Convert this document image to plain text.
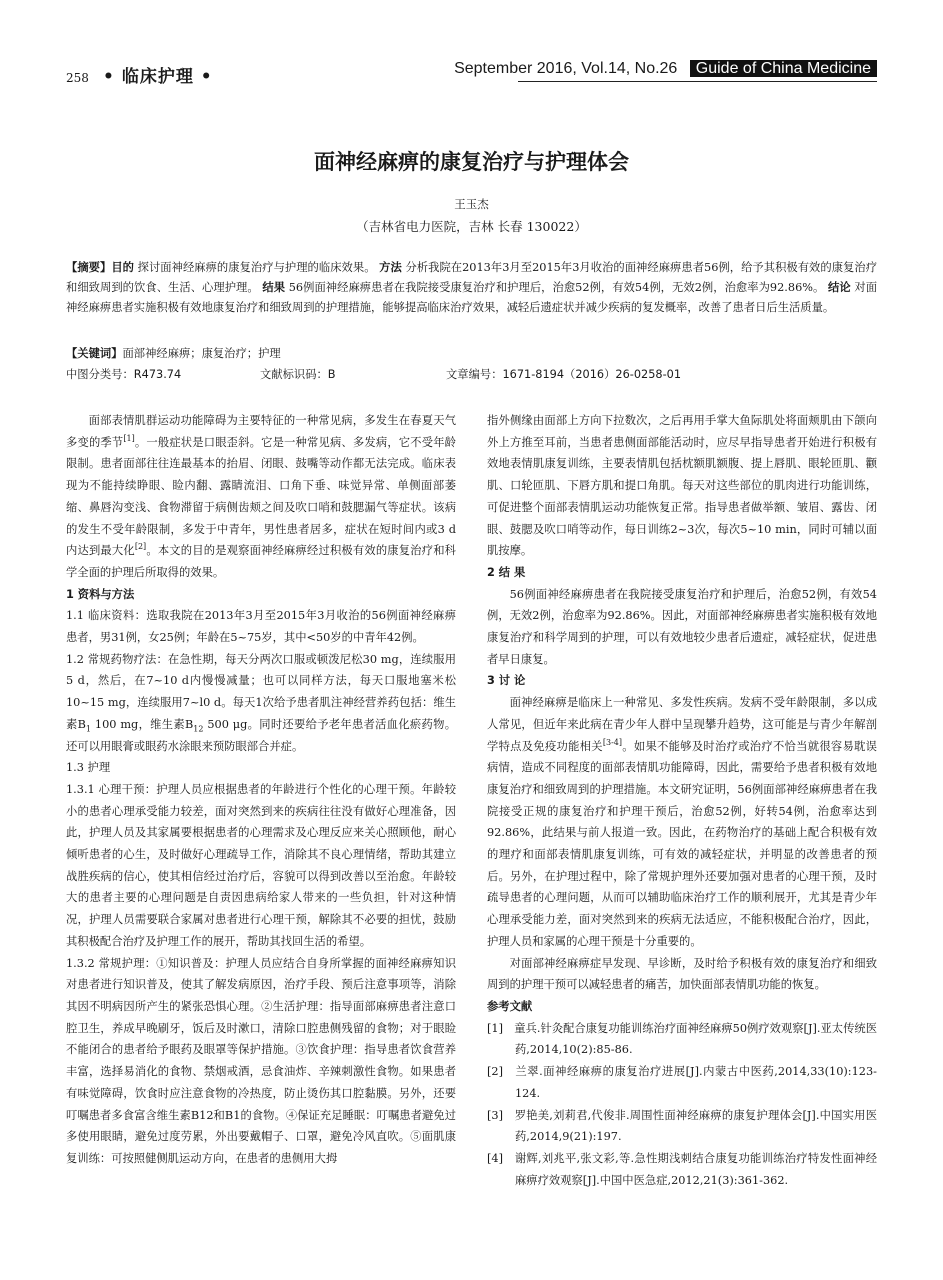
258 • 临床护理 •	September 2016, Vol.14, No.26 Guide of China Medicine
面神经麻痹的康复治疗与护理体会
王玉杰
（吉林省电力医院，吉林 长春 130022）
【摘要】目的 探讨面神经麻痹的康复治疗与护理的临床效果。 方法 分析我院在2013年3月至2015年3月收治的面神经麻痹患者56例，给予其积极有效的康复治疗和细致周到的饮食、生活、心理护理。 结果 56例面神经麻痹患者在我院接受康复治疗和护理后，治愈52例，有效54例，无效2例，治愈率为92.86%。 结论 对面神经麻痹患者实施积极有效地康复治疗和细致周到的护理措施，能够提高临床治疗效果，减轻后遗症状并减少疾病的复发概率，改善了患者日后生活质量。
【关键词】面部神经麻痹；康复治疗；护理
中图分类号：R473.74	文献标识码：B	文章编号：1671-8194（2016）26-0258-01

面部表情肌群运动功能障碍为主要特征的一种常见病，多发生在春夏天气多变的季节[1]。一般症状是口眼歪斜。它是一种常见病、多发病，它不受年龄限制。患者面部往往连最基本的抬眉、闭眼、鼓嘴等动作都无法完成。临床表现为不能持续睁眼、睑内翻、露睛流泪、口角下垂、味觉异常、单侧面部萎缩、鼻唇沟变浅、食物滞留于病侧齿颊之间及吹口哨和鼓腮漏气等症状。该病的发生不受年龄限制，多发于中青年，男性患者居多，症状在短时间内或3 d内达到最大化[2]。本文的目的是观察面神经麻痹经过积极有效的康复治疗和科学全面的护理后所取得的效果。

1 资料与方法

1.1 临床资料：选取我院在2013年3月至2015年3月收治的56例面神经麻痹患者，男31例，女25例；年龄在5~75岁，其中<50岁的中青年42例。

1.2 常规药物疗法：在急性期，每天分两次口服或顿泼尼松30 mg，连续服用5 d，然后，在7~10 d内慢慢减量；也可以同样方法，每天口服地塞米松10~15 mg，连续服用7~l0 d。每天1次给予患者肌注神经营养药包括：维生素$B_1$ 100 mg，维生素$B_{12}$ 500 μg。同时还要给予老年患者活血化瘀药物。还可以用眼膏或眼药水涂眼来预防眼部合并症。

1.3 护理

1.3.1 心理干预：护理人员应根据患者的年龄进行个性化的心理干预。年龄较小的患者心理承受能力较差，面对突然到来的疾病往往没有做好心理准备，因此，护理人员及其家属要根据患者的心理需求及心理反应来关心照顾他，耐心倾听患者的心生，及时做好心理疏导工作，消除其不良心理情绪，帮助其建立战胜疾病的信心，使其相信经过治疗后，容貌可以得到改善以至治愈。年龄较大的患者主要的心理问题是自责因患病给家人带来的一些负担，针对这种情况，护理人员需要联合家属对患者进行心理干预，解除其不必要的担忧，鼓励其积极配合治疗及护理工作的展开，帮助其找回生活的希望。

1.3.2 常规护理：①知识普及：护理人员应结合自身所掌握的面神经麻痹知识对患者进行知识普及，使其了解发病原因，治疗手段、预后注意事项等，消除其因不明病因所产生的紧张恐惧心理。②生活护理：指导面部麻痹患者注意口腔卫生，养成早晚刷牙，饭后及时漱口，清除口腔患侧残留的食物；对于眼睑不能闭合的患者给予眼药及眼罩等保护措施。③饮食护理：指导患者饮食营养丰富，选择易消化的食物、禁烟戒酒，忌食油炸、辛辣刺激性食物。如果患者有味觉障碍，饮食时应注意食物的冷热度，防止烫伤其口腔黏膜。另外，还要叮嘱患者多食富含维生素B12和B1的食物。④保证充足睡眠：叮嘱患者避免过多使用眼睛，避免过度劳累，外出要戴帽子、口罩，避免冷风直吹。⑤面肌康复训练：可按照健侧肌运动方向，在患者的患侧用大拇

指外侧缘由面部上方向下拉数次，之后再用手掌大鱼际肌处将面颊肌由下颌向外上方推至耳前，当患者患侧面部能活动时，应尽早指导患者开始进行积极有效地表情肌康复训练，主要表情肌包括枕额肌额腹、提上唇肌、眼轮匝肌、颧肌、口轮匝肌、下唇方肌和提口角肌。每天对这些部位的肌肉进行功能训练，可促进整个面部表情肌运动功能恢复正常。指导患者做举额、皱眉、露齿、闭眼、鼓腮及吹口哨等动作，每日训练2~3次，每次5~10 min，同时可辅以面肌按摩。

2 结 果

56例面神经麻痹患者在我院接受康复治疗和护理后，治愈52例，有效54例，无效2例，治愈率为92.86%。因此，对面部神经麻痹患者实施积极有效地康复治疗和科学周到的护理，可以有效地较少患者后遗症，减轻症状，促进患者早日康复。

3 讨 论

面神经麻痹是临床上一种常见、多发性疾病。发病不受年龄限制，多以成人常见，但近年来此病在青少年人群中呈现攀升趋势，这可能是与青少年解剖学特点及免疫功能相关[3-4]。如果不能够及时治疗或治疗不恰当就很容易耽误病情，造成不同程度的面部表情肌功能障碍，因此，需要给予患者积极有效地康复治疗和细致周到的护理措施。本文研究证明，56例面部神经麻痹患者在我院接受正规的康复治疗和护理干预后，治愈52例，好转54例，治愈率达到92.86%，此结果与前人报道一致。因此，在药物治疗的基础上配合积极有效的理疗和面部表情肌康复训练，可有效的减轻症状，并明显的改善患者的预后。另外，在护理过程中，除了常规护理外还要加强对患者的心理干预，及时疏导患者的心理问题，从而可以辅助临床治疗工作的顺利展开，尤其是青少年心理承受能力差，面对突然到来的疾病无法适应，不能积极配合治疗，因此，护理人员和家属的心理干预是十分重要的。

对面部神经麻痹症早发现、早诊断，及时给予积极有效的康复治疗和细致周到的护理干预可以减轻患者的痛苦，加快面部表情肌功能的恢复。

参考文献

[1]　童兵.针灸配合康复功能训练治疗面神经麻痹50例疗效观察[J].亚太传统医药,2014,10(2):85-86.

[2]　兰翠.面神经麻痹的康复治疗进展[J].内蒙古中医药,2014,33(10):123-124.

[3]　罗艳美,刘莉君,代俊非.周围性面神经麻痹的康复护理体会[J].中国实用医药,2014,9(21):197.

[4]　谢辉,刘兆平,张文彩,等.急性期浅刺结合康复功能训练治疗特发性面神经麻痹疗效观察[J].中国中医急症,2012,21(3):361-362.
